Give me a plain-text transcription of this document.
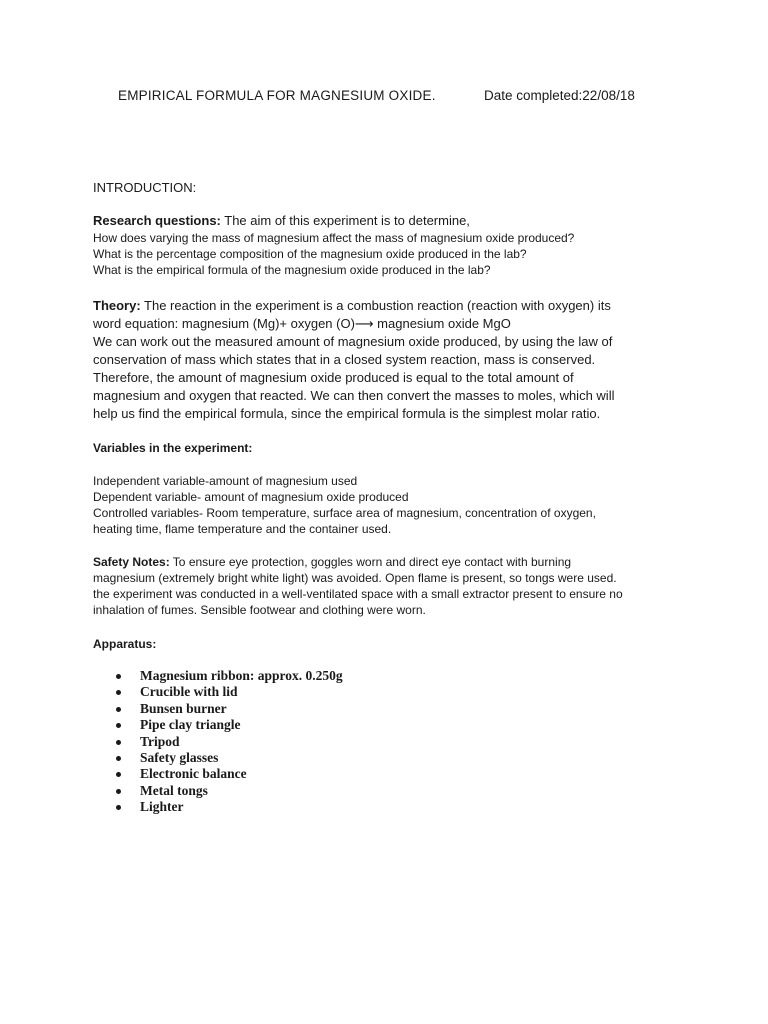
EMPIRICAL FORMULA FOR MAGNESIUM OXIDE.	Date completed:22/08/18
INTRODUCTION:

Research questions: The aim of this experiment is to determine,

How does varying the mass of magnesium affect the mass of magnesium oxide produced?

What is the percentage composition of the magnesium oxide produced in the lab?

What is the empirical formula of the magnesium oxide produced in the lab?

Theory: The reaction in the experiment is a combustion reaction (reaction with oxygen) its

word equation: magnesium (Mg)+ oxygen (O)⟶ magnesium oxide MgO

We can work out the measured amount of magnesium oxide produced, by using the law of

conservation of mass which states that in a closed system reaction, mass is conserved.

Therefore, the amount of magnesium oxide produced is equal to the total amount of

magnesium and oxygen that reacted. We can then convert the masses to moles, which will

help us find the empirical formula, since the empirical formula is the simplest molar ratio.

Variables in the experiment:

Independent variable-amount of magnesium used

Dependent variable- amount of magnesium oxide produced

Controlled variables- Room temperature, surface area of magnesium, concentration of oxygen,

heating time, flame temperature and the container used.

Safety Notes: To ensure eye protection, goggles worn and direct eye contact with burning

magnesium (extremely bright white light) was avoided. Open flame is present, so tongs were used.

the experiment was conducted in a well-ventilated space with a small extractor present to ensure no

inhalation of fumes. Sensible footwear and clothing were worn.

Apparatus:
Magnesium ribbon: approx. 0.250g
Crucible with lid
Bunsen burner
Pipe clay triangle
Tripod
Safety glasses
Electronic balance
Metal tongs
Lighter
